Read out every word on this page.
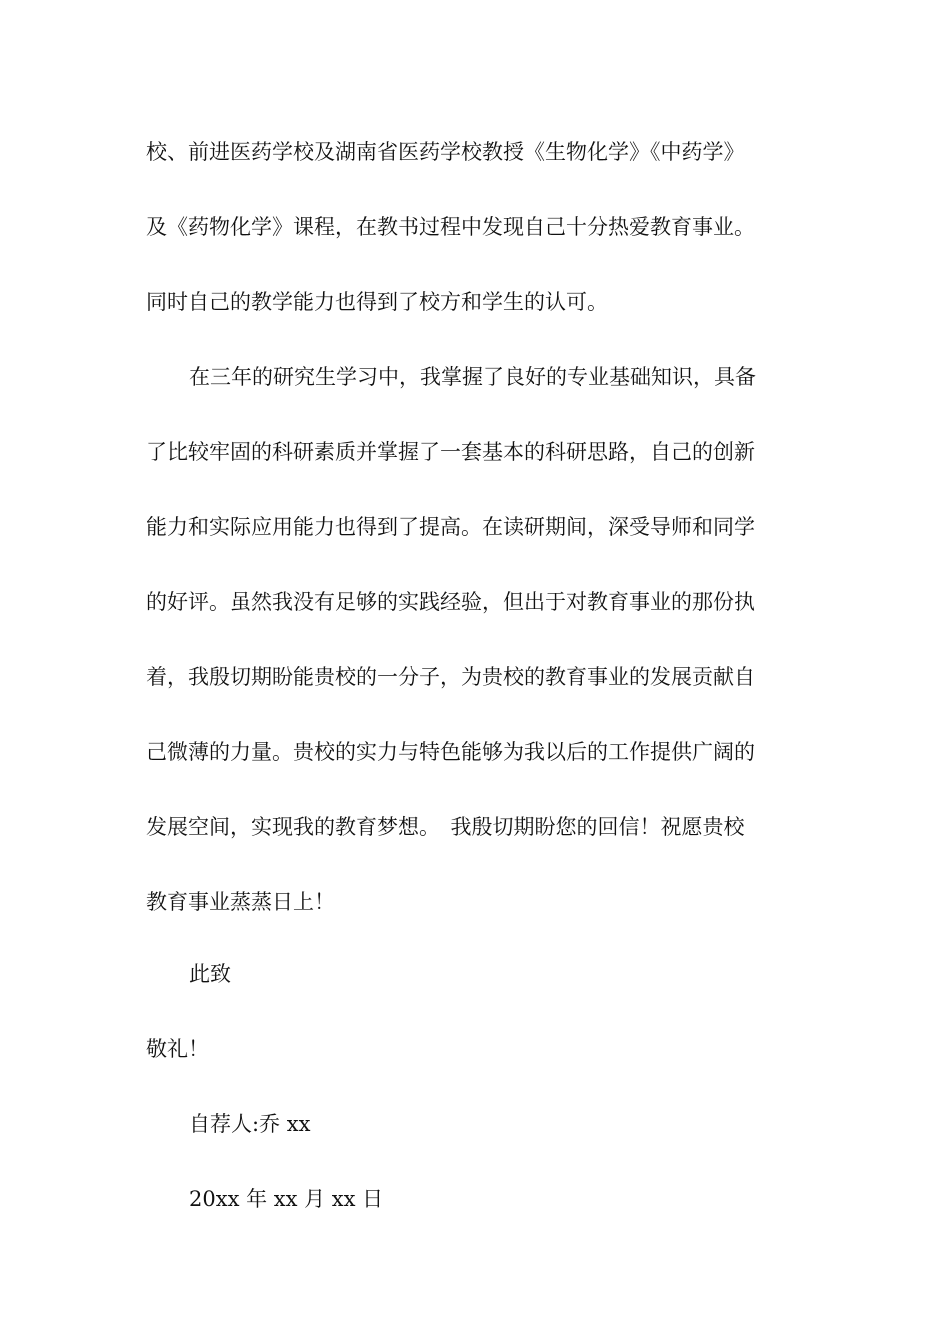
校、前进医药学校及湖南省医药学校教授《生物化学》《中药学》
及《药物化学》课程，在教书过程中发现自己十分热爱教育事业。
同时自己的教学能力也得到了校方和学生的认可。
在三年的研究生学习中，我掌握了良好的专业基础知识，具备
了比较牢固的科研素质并掌握了一套基本的科研思路，自己的创新
能力和实际应用能力也得到了提高。在读研期间，深受导师和同学
的好评。虽然我没有足够的实践经验，但出于对教育事业的那份执
着，我殷切期盼能贵校的一分子，为贵校的教育事业的发展贡献自
己微薄的力量。贵校的实力与特色能够为我以后的工作提供广阔的
发展空间，实现我的教育梦想。　我殷切期盼您的回信！祝愿贵校
教育事业蒸蒸日上！
此致
敬礼！
自荐人:乔 xx
20xx 年 xx 月 xx 日
